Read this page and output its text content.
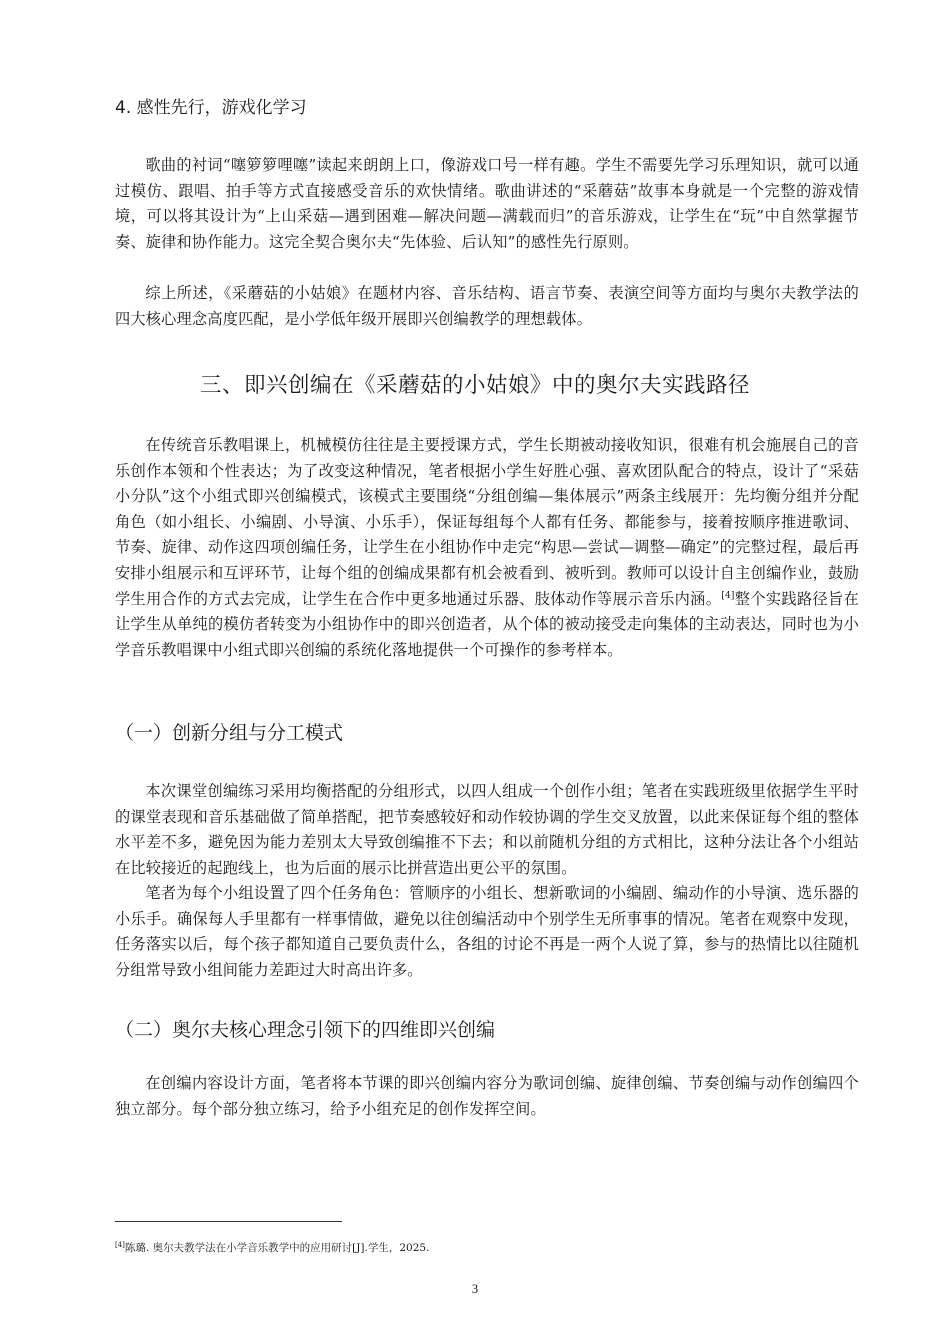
4. 感性先行，游戏化学习

歌曲的衬词“噻箩箩哩噻”读起来朗朗上口，像游戏口号一样有趣。学生不需要先学习乐理知识，就可以通过模仿、跟唱、拍手等方式直接感受音乐的欢快情绪。歌曲讲述的“采蘑菇”故事本身就是一个完整的游戏情境，可以将其设计为“上山采菇—遇到困难—解决问题—满载而归”的音乐游戏，让学生在“玩”中自然掌握节奏、旋律和协作能力。这完全契合奥尔夫“先体验、后认知”的感性先行原则。

综上所述，《采蘑菇的小姑娘》在题材内容、音乐结构、语言节奏、表演空间等方面均与奥尔夫教学法的四大核心理念高度匹配，是小学低年级开展即兴创编教学的理想载体。

三、即兴创编在《采蘑菇的小姑娘》中的奥尔夫实践路径

在传统音乐教唱课上，机械模仿往往是主要授课方式，学生长期被动接收知识，很难有机会施展自己的音乐创作本领和个性表达；为了改变这种情况，笔者根据小学生好胜心强、喜欢团队配合的特点，设计了“采菇小分队”这个小组式即兴创编模式，该模式主要围绕“分组创编—集体展示”两条主线展开：先均衡分组并分配角色（如小组长、小编剧、小导演、小乐手），保证每组每个人都有任务、都能参与，接着按顺序推进歌词、节奏、旋律、动作这四项创编任务，让学生在小组协作中走完“构思—尝试—调整—确定”的完整过程，最后再安排小组展示和互评环节，让每个组的创编成果都有机会被看到、被听到。教师可以设计自主创编作业，鼓励学生用合作的方式去完成，让学生在合作中更多地通过乐器、肢体动作等展示音乐内涵。[4]整个实践路径旨在让学生从单纯的模仿者转变为小组协作中的即兴创造者，从个体的被动接受走向集体的主动表达，同时也为小学音乐教唱课中小组式即兴创编的系统化落地提供一个可操作的参考样本。

（一）创新分组与分工模式

本次课堂创编练习采用均衡搭配的分组形式，以四人组成一个创作小组；笔者在实践班级里依据学生平时的课堂表现和音乐基础做了简单搭配，把节奏感较好和动作较协调的学生交叉放置，以此来保证每个组的整体水平差不多，避免因为能力差别太大导致创编推不下去；和以前随机分组的方式相比，这种分法让各个小组站在比较接近的起跑线上，也为后面的展示比拼营造出更公平的氛围。

笔者为每个小组设置了四个任务角色：管顺序的小组长、想新歌词的小编剧、编动作的小导演、选乐器的小乐手。确保每人手里都有一样事情做，避免以往创编活动中个别学生无所事事的情况。笔者在观察中发现，任务落实以后，每个孩子都知道自己要负责什么，各组的讨论不再是一两个人说了算，参与的热情比以往随机分组常导致小组间能力差距过大时高出许多。

（二）奥尔夫核心理念引领下的四维即兴创编

在创编内容设计方面，笔者将本节课的即兴创编内容分为歌词创编、旋律创编、节奏创编与动作创编四个独立部分。每个部分独立练习，给予小组充足的创作发挥空间。

[4]陈璐. 奥尔夫教学法在小学音乐教学中的应用研讨[J].学生，2025.

3
